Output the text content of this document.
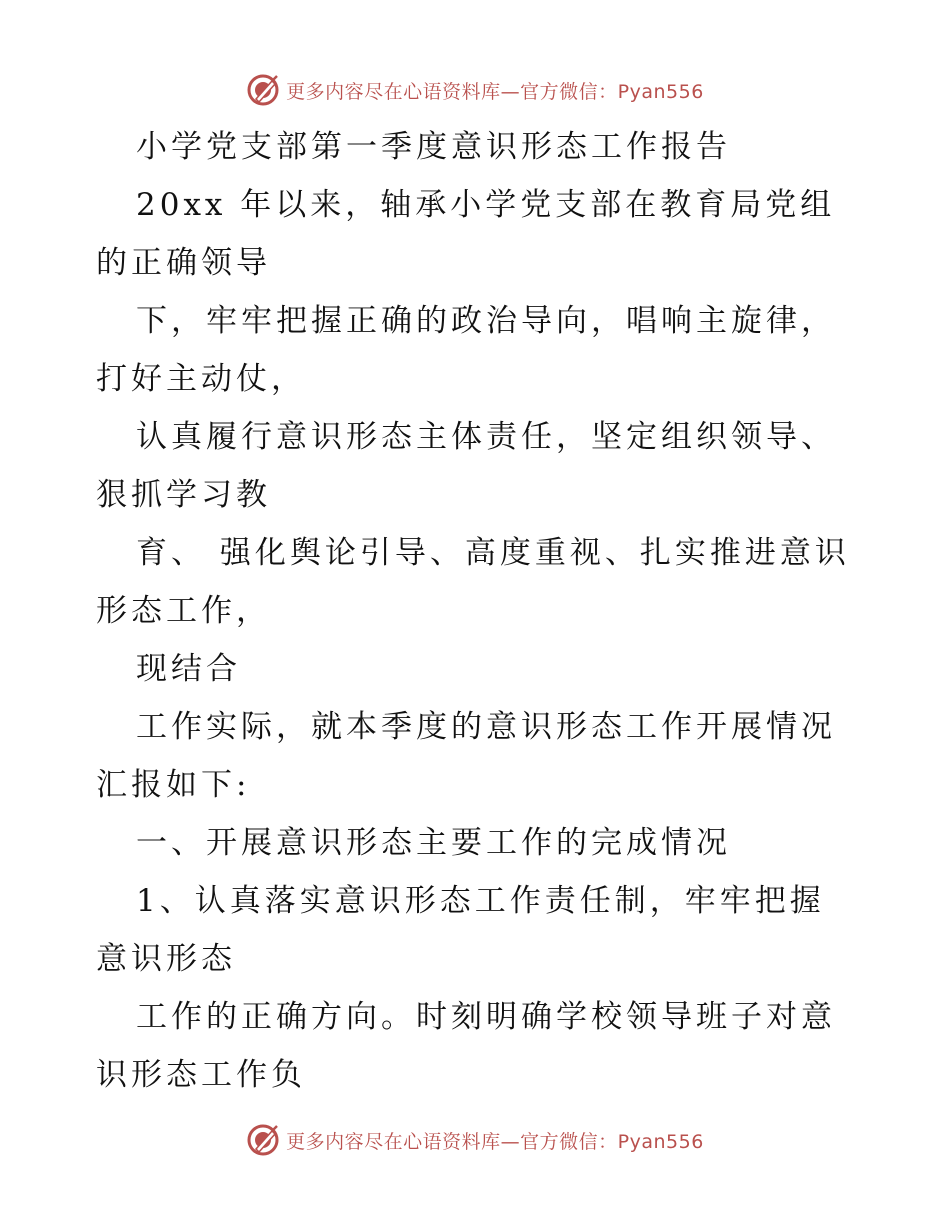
更多内容尽在心语资料库—官方微信：Pyan556

小学党支部第一季度意识形态工作报告

20xx 年以来，轴承小学党支部在教育局党组的正确领导

下，牢牢把握正确的政治导向，唱响主旋律，打好主动仗，

认真履行意识形态主体责任，坚定组织领导、狠抓学习教

育、 强化舆论引导、高度重视、扎实推进意识形态工作，

现结合

工作实际，就本季度的意识形态工作开展情况汇报如下:

一、开展意识形态主要工作的完成情况

1、认真落实意识形态工作责任制，牢牢把握意识形态

工作的正确方向。时刻明确学校领导班子对意识形态工作负

更多内容尽在心语资料库—官方微信：Pyan556
